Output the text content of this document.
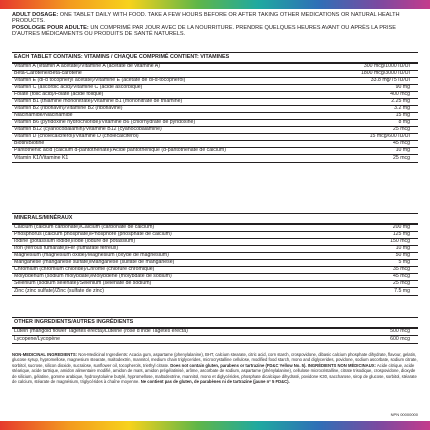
ADULT DOSAGE: ONE TABLET DAILY WITH FOOD. TAKE A FEW HOURS BEFORE OR AFTER TAKING OTHER MEDICATIONS OR NATURAL HEALTH PRODUCTS.
POSOLOGIE POUR ADULTE: UN COMPRIMÉ PAR JOUR AVEC DE LA NOURRITURE. PRENDRE QUELQUES HEURES AVANT OU APRÈS LA PRISE D'AUTRES MÉDICAMENTS OU PRODUITS DE SANTÉ NATURELS.
EACH TABLET CONTAINS: VITAMINS / CHAQUE COMPRIMÉ CONTIENT: VITAMINES
Vitamin A (vitamin A acetate)/Vitamine A (acétate de vitamine A)	300 mcg/1000 IU/UI
Beta-Carotene/Bêta-carotène	1800 mcg/3000 IU/UI
Vitamin E (dl-α tocopheryl acetate)/Vitamine E (acétate de dl-α-tocophérol)	33.8 mg/75 IU/UI
Vitamin C (ascorbic acid)/Vitamine C (acide ascorbique)	90 mg
Folate (folic acid)/Folate (acide folique)	400 mcg
Vitamin B1 (thiamine mononitrate)/Vitamine B1 (mononitrate de thiamine)	2.25 mg
Vitamin B2 (riboflavin)/Vitamine B2 (riboflavine)	3.2 mg
Niacinamide/Niacinamide	15 mg
Vitamin B6 (pyridoxine hydrochloride)/Vitamine B6 (chlorhydrate de pyridoxine)	8 mg
Vitamin B12 (cyanocobalamin)/Vitamine B12 (cyanocobalamine)	25 mcg
Vitamin D (cholecalciferol)/Vitamine D (cholécalciférol)	15 mcg/600 IU/UI
Biotin/Biotine	45 mcg
Pantothenic acid (calcium d-pantothenate)/Acide pantothénique (d-pantothénate de calcium)	10 mg
Vitamin K1/Vitamine K1	25 mcg
MINERALS/MINÉRAUX
Calcium (calcium carbonate)/Calcium (carbonate de calcium)	200 mg
Phosphorus (calcium phosphate)/Phosphore (phosphate de calcium)	125 mg
Iodine (potassium iodide)/Iode (iodure de potassium)	150 mcg
Iron (ferrous fumarate)/Fer (fumarate ferreux)	10 mg
Magnesium (magnesium oxide)/Magnésium (oxyde de magnésium)	50 mg
Manganese (manganese sulfate)/Manganèse (sulfate de manganèse)	5 mg
Chromium (chromium chloride)/Chrome (chlorure chromique)	35 mcg
Molybdenum (sodium molybdate)/Molybdène (molybdate de sodium)	45 mcg
Selenium (sodium selenate)/Sélénium (sélénate de sodium)	25 mcg
Zinc (zinc sulfate)/Zinc (sulfate de zinc)	7.5 mg
OTHER INGREDIENTS/AUTRES INGRÉDIENTS
Lutein (marigold flower Tagetes erecta)/Lutéine (rose d'Inde Tagetes erecta)	500 mcg
Lycopene/Lycopène	600 mcg
NON-MEDICINAL INGREDIENTS: Non-Medicinal Ingredients: Acacia gum, aspartame (phenylalanine), BHT, calcium stearate, citric acid, corn starch, crospovidone, dibasic calcium phosphate dihydrate, flavour, gelatin, glucose syrup, hypromellose, magnesium stearate, maltodextrin, mannitol, medium chain triglycerides, microcrystalline cellulose, modified food starch, mono and diglycerides, povidone, sodium ascorbate, sodium citrate, sorbitol, sucrose, silicon dioxide, sucralose, sunflower oil, tocopherols, triethyl citrate. Does not contain gluten, parabens or tartrazine (FD&C Yellow No. 5). INGRÉDIENTS NON MÉDICINAUX: Acide citrique, acide stéarique, acide tartrique, amidon alimentaire modifié, amidon de maïs, amidon prégélatinisé, arôme, ascorbate de sodium, aspartame (phénylalanine), cellulose microcristalline, citrate trisodique, crospovidone, dioxyde de silicium, gélatine, gomme arabique, hydroxytoluène butylé, hypromellose, maltodextrine, mannitol, mono et diglycérides, phosphate dicalcique dihydraté, povidone K30, saccharose, sirop de glucose, sorbitol, stéarate de calcium, stéarate de magnésium, triglycérides à chaîne moyenne. Ne contient pas de gluten, de parabènes ni de tartrazine (jaune n° 5 FD&C).
NPN 00000000
